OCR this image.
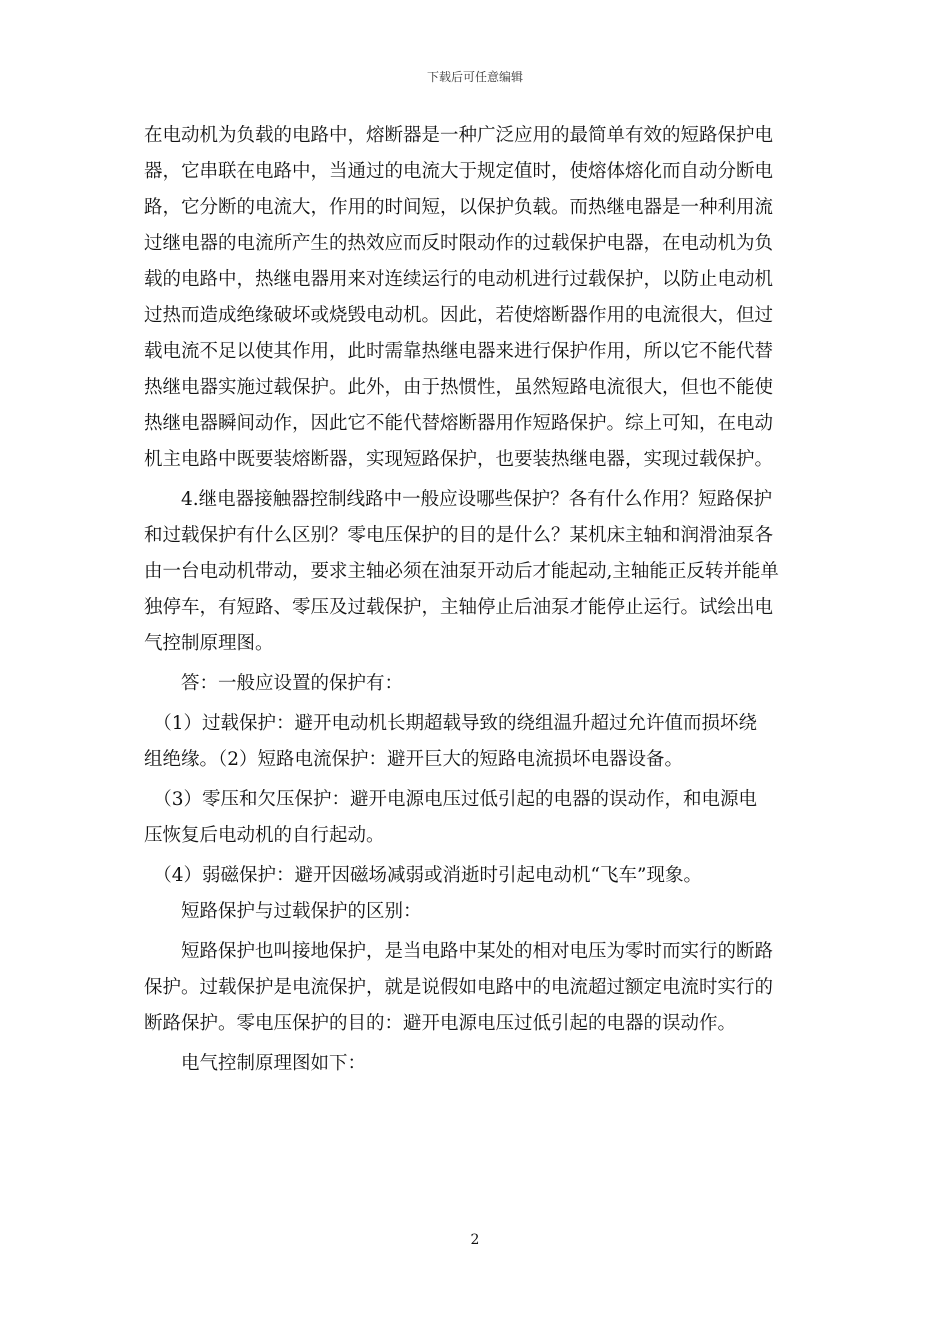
下载后可任意编辑
在电动机为负载的电路中，熔断器是一种广泛应用的最简单有效的短路保护电
器，它串联在电路中，当通过的电流大于规定值时，使熔体熔化而自动分断电
路，它分断的电流大，作用的时间短，以保护负载。而热继电器是一种利用流
过继电器的电流所产生的热效应而反时限动作的过载保护电器，在电动机为负
载的电路中，热继电器用来对连续运行的电动机进行过载保护，以防止电动机
过热而造成绝缘破坏或烧毁电动机。因此，若使熔断器作用的电流很大，但过
载电流不足以使其作用，此时需靠热继电器来进行保护作用，所以它不能代替
热继电器实施过载保护。此外，由于热惯性，虽然短路电流很大，但也不能使
热继电器瞬间动作，因此它不能代替熔断器用作短路保护。综上可知，在电动
机主电路中既要装熔断器，实现短路保护，也要装热继电器，实现过载保护。
　　4.继电器接触器控制线路中一般应设哪些保护？各有什么作用？短路保护
和过载保护有什么区别？零电压保护的目的是什么？某机床主轴和润滑油泵各
由一台电动机带动，要求主轴必须在油泵开动后才能起动,主轴能正反转并能单
独停车，有短路、零压及过载保护，主轴停止后油泵才能停止运行。试绘出电
气控制原理图。
　　答：一般应设置的保护有：
　（1）过载保护：避开电动机长期超载导致的绕组温升超过允许值而损坏绕
组绝缘。（2）短路电流保护：避开巨大的短路电流损坏电器设备。
　（3）零压和欠压保护：避开电源电压过低引起的电器的误动作，和电源电
压恢复后电动机的自行起动。
　（4）弱磁保护：避开因磁场减弱或消逝时引起电动机“飞车”现象。
　　短路保护与过载保护的区别：
　　短路保护也叫接地保护，是当电路中某处的相对电压为零时而实行的断路
保护。过载保护是电流保护，就是说假如电路中的电流超过额定电流时实行的
断路保护。零电压保护的目的：避开电源电压过低引起的电器的误动作。
　　电气控制原理图如下：
2
